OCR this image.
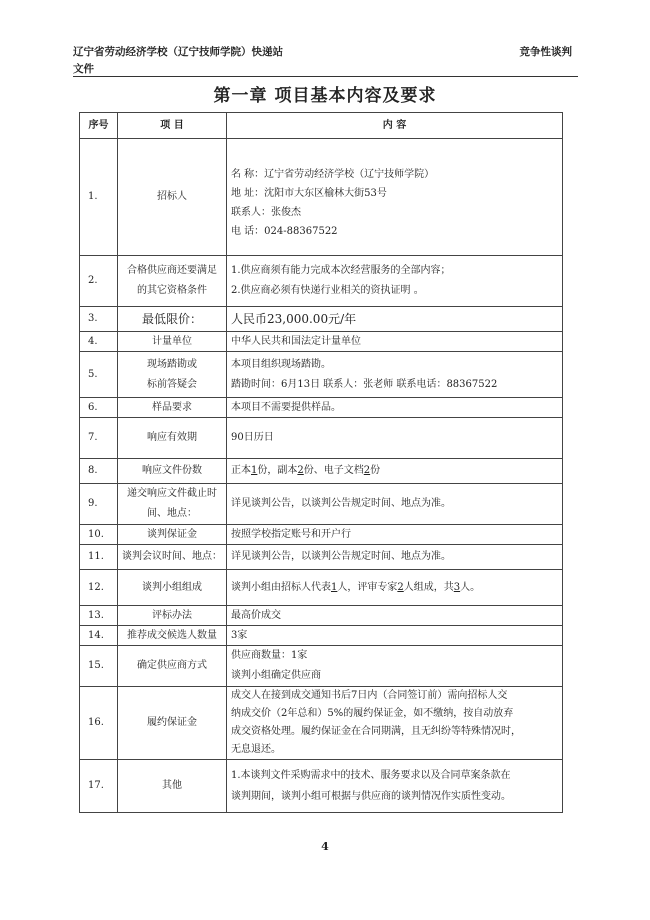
辽宁省劳动经济学校（辽宁技师学院）快递站
文件
竞争性谈判
第一章 项目基本内容及要求
序号	项 目	内 容
1.	招标人	名 称：辽宁省劳动经济学校（辽宁技师学院）
地 址：沈阳市大东区榆林大街53号
联系人：张俊杰
电 话：024-88367522

2.	合格供应商还要满足
的其它资格条件	1.供应商须有能力完成本次经营服务的全部内容；
2.供应商必须有快递行业相关的资执证明 。

3.	最低限价：	人民币23,000.00元/年

4.	计量单位	中华人民共和国法定计量单位

5.	现场踏勘或
标前答疑会	本项目组织现场踏勘。
踏勘时间：6月13日 联系人：张老师 联系电话：88367522

6.	样品要求	本项目不需要提供样品。

7.	响应有效期	90日历日

8.	响应文件份数	正本1份，副本2份、电子文档2份
9.	递交响应文件截止时
间、地点：	详见谈判公告，以谈判公告规定时间、地点为准。

10.	谈判保证金	按照学校指定账号和开户行

11.	谈判会议时间、地点：	详见谈判公告，以谈判公告规定时间、地点为准。

12.	谈判小组组成	谈判小组由招标人代表1人，评审专家2人组成，共3人。
13.	评标办法	最高价成交

14.	推荐成交候选人数量	3家

15.	确定供应商方式	供应商数量：1家
谈判小组确定供应商

16.	履约保证金	成交人在接到成交通知书后7日内（合同签订前）需向招标人交
纳成交价（2年总和）5%的履约保证金，如不缴纳，按自动放弃
成交资格处理。履约保证金在合同期满，且无纠纷等特殊情况时，
无息退还。

17.	其他	1.本谈判文件采购需求中的技术、服务要求以及合同草案条款在
谈判期间，谈判小组可根据与供应商的谈判情况作实质性变动。
4
